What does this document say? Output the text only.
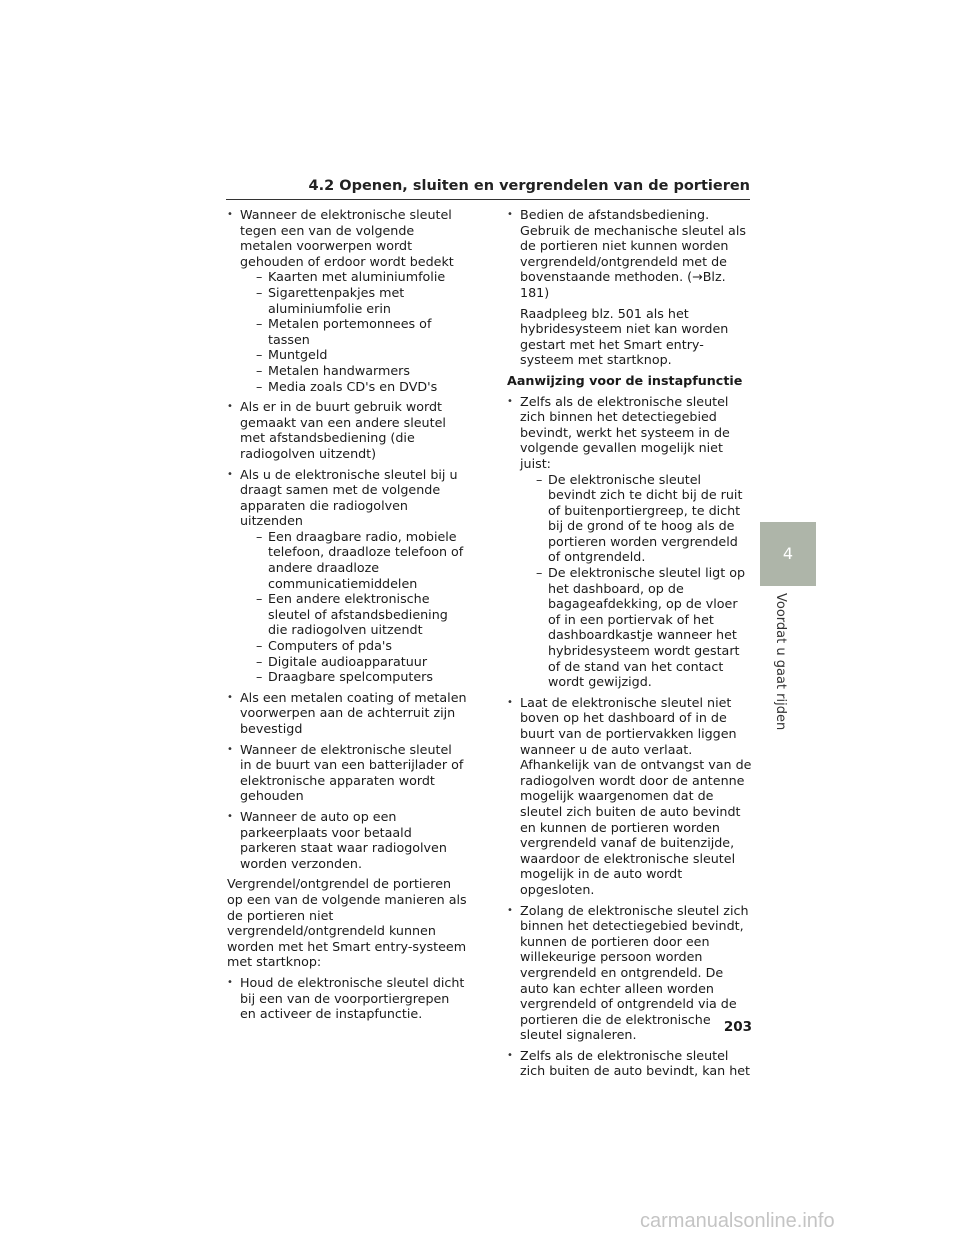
4.2 Openen, sluiten en vergrendelen van de portieren
• Wanneer de elektronische sleutel tegen een van de volgende metalen voorwerpen wordt gehouden of erdoor wordt bedekt
– Kaarten met aluminiumfolie
– Sigarettenpakjes met aluminiumfolie erin
– Metalen portemonnees of tassen
– Muntgeld
– Metalen handwarmers
– Media zoals CD's en DVD's
• Als er in de buurt gebruik wordt gemaakt van een andere sleutel met afstandsbediening (die radiogolven uitzendt)
• Als u de elektronische sleutel bij u draagt samen met de volgende apparaten die radiogolven uitzenden
– Een draagbare radio, mobiele telefoon, draadloze telefoon of andere draadloze communicatiemiddelen
– Een andere elektronische sleutel of afstandsbediening die radiogolven uitzendt
– Computers of pda's
– Digitale audioapparatuur
– Draagbare spelcomputers
• Als een metalen coating of metalen voorwerpen aan de achterruit zijn bevestigd
• Wanneer de elektronische sleutel in de buurt van een batterijlader of elektronische apparaten wordt gehouden
• Wanneer de auto op een parkeerplaats voor betaald parkeren staat waar radiogolven worden verzonden.

Vergrendel/ontgrendel de portieren op een van de volgende manieren als de portieren niet vergrendeld/ontgrendeld kunnen worden met het Smart entry-systeem met startknop:

• Houd de elektronische sleutel dicht bij een van de voorportiergrepen en activeer de instapfunctie.
• Bedien de afstandsbediening. Gebruik de mechanische sleutel als de portieren niet kunnen worden vergrendeld/ontgrendeld met de bovenstaande methoden. (→Blz. 181)
Raadpleeg blz. 501 als het hybridesysteem niet kan worden gestart met het Smart entry-systeem met startknop.

Aanwijzing voor de instapfunctie

• Zelfs als de elektronische sleutel zich binnen het detectiegebied bevindt, werkt het systeem in de volgende gevallen mogelijk niet juist:
– De elektronische sleutel bevindt zich te dicht bij de ruit of buitenportiergreep, te dicht bij de grond of te hoog als de portieren worden vergrendeld of ontgrendeld.
– De elektronische sleutel ligt op het dashboard, op de bagageafdekking, op de vloer of in een portiervak of het dashboardkastje wanneer het hybridesysteem wordt gestart of de stand van het contact wordt gewijzigd.
• Laat de elektronische sleutel niet boven op het dashboard of in de buurt van de portiervakken liggen wanneer u de auto verlaat. Afhankelijk van de ontvangst van de radiogolven wordt door de antenne mogelijk waargenomen dat de sleutel zich buiten de auto bevindt en kunnen de portieren worden vergrendeld vanaf de buitenzijde, waardoor de elektronische sleutel mogelijk in de auto wordt opgesloten.
• Zolang de elektronische sleutel zich binnen het detectiegebied bevindt, kunnen de portieren door een willekeurige persoon worden vergrendeld en ontgrendeld. De auto kan echter alleen worden vergrendeld of ontgrendeld via de portieren die de elektronische sleutel signaleren.
• Zelfs als de elektronische sleutel zich buiten de auto bevindt, kan het
4
Voordat u gaat rijden
203
carmanualsonline.info
